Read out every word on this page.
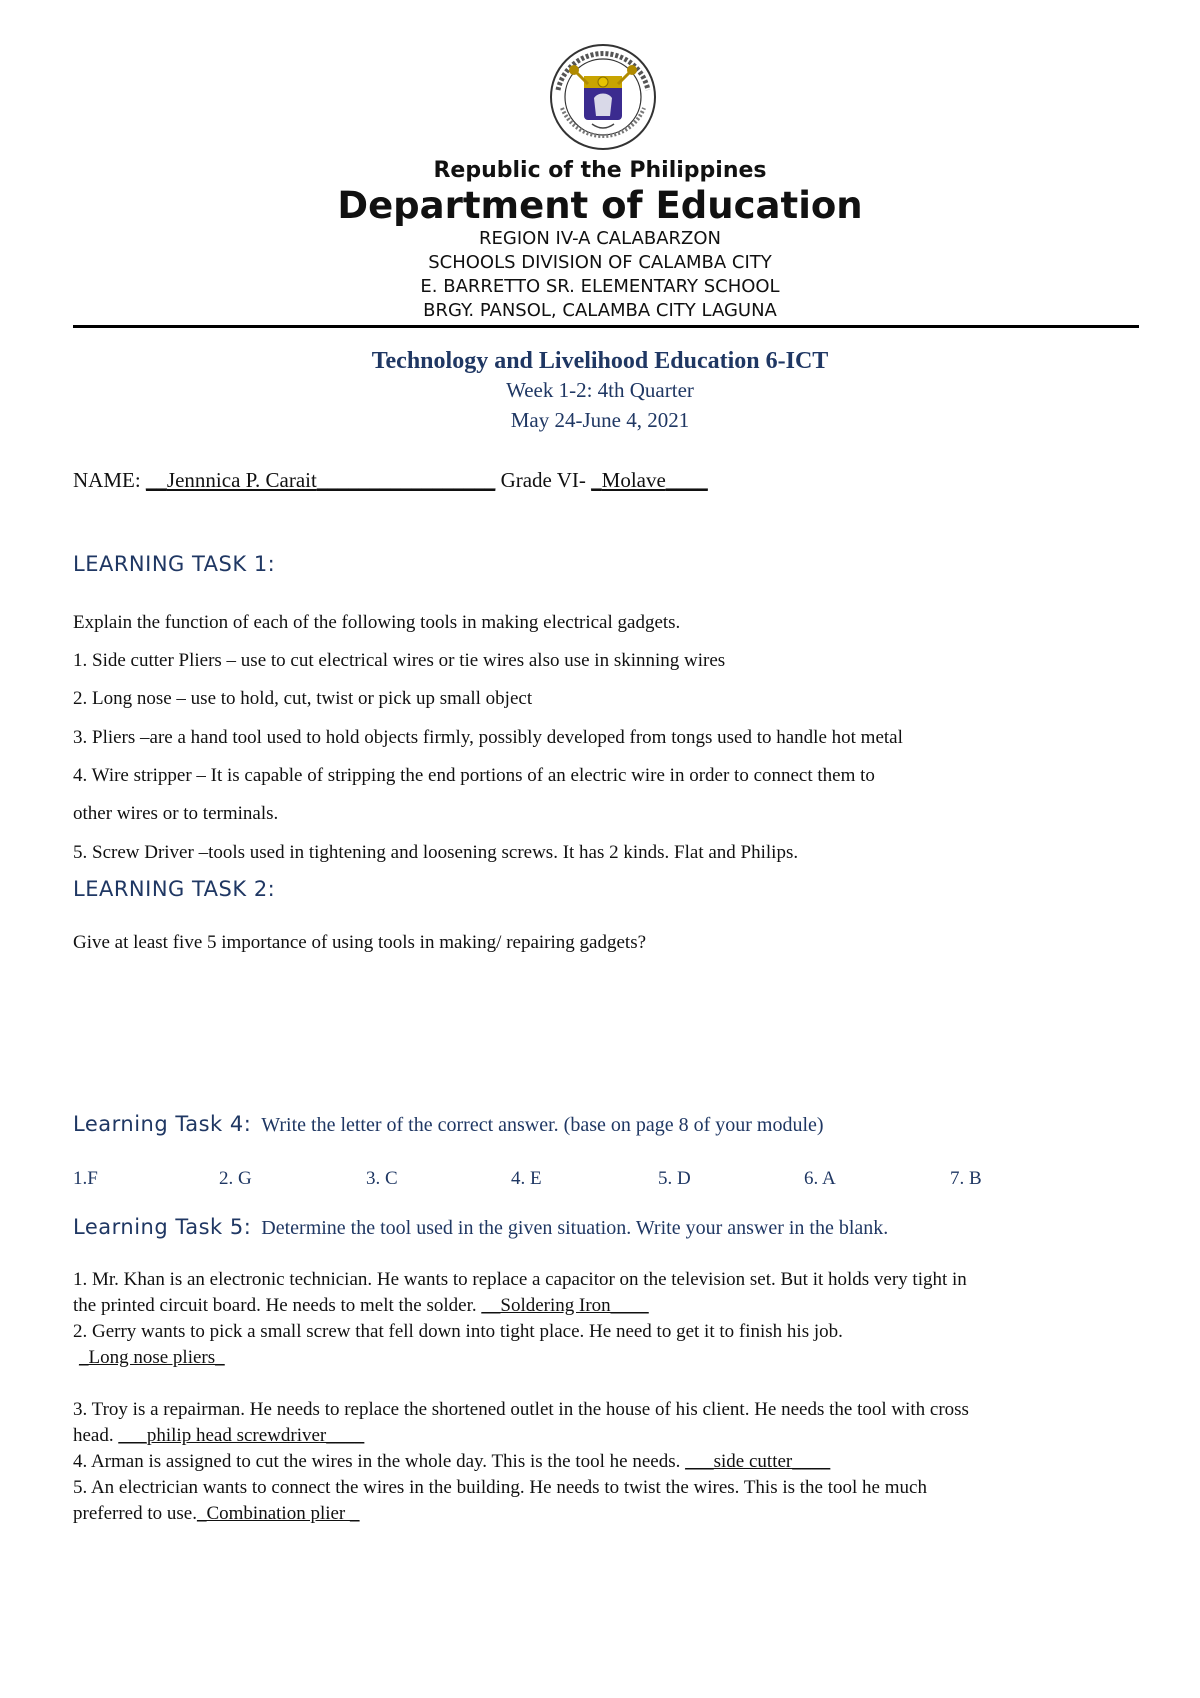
Republic of the Philippines
Department of Education
REGION IV-A CALABARZON
SCHOOLS DIVISION OF CALAMBA CITY
E. BARRETTO SR. ELEMENTARY SCHOOL
BRGY. PANSOL, CALAMBA CITY LAGUNA
Technology and Livelihood Education 6-ICT
Week 1-2: 4th Quarter
May 24-June 4, 2021
NAME: __Jennnica P. Carait_________________ Grade VI- _Molave____
LEARNING TASK 1:
Explain the function of each of the following tools in making electrical gadgets.
1. Side cutter Pliers – use to cut electrical wires or tie wires also use in skinning wires
2. Long nose – use to hold, cut, twist or pick up small object
3. Pliers –are a hand tool used to hold objects firmly, possibly developed from tongs used to handle hot metal
4. Wire stripper – It is capable of stripping the end portions of an electric wire in order to connect them to
other wires or to terminals.
5. Screw Driver –tools used in tightening and loosening screws. It has 2 kinds. Flat and Philips.
LEARNING TASK 2:
Give at least five 5 importance of using tools in making/ repairing gadgets?
Learning Task 4: Write the letter of the correct answer. (base on page 8 of your module)
1.F	2. G	3. C	4. E	5. D	6. A	7. B
Learning Task 5: Determine the tool used in the given situation. Write your answer in the blank.
1. Mr. Khan is an electronic technician. He wants to replace a capacitor on the television set. But it holds very tight in
the printed circuit board. He needs to melt the solder. __Soldering Iron____
2. Gerry wants to pick a small screw that fell down into tight place. He need to get it to finish his job.
_Long nose pliers_
3. Troy is a repairman. He needs to replace the shortened outlet in the house of his client. He needs the tool with cross
head. ___philip head screwdriver____
4. Arman is assigned to cut the wires in the whole day. This is the tool he needs. ___side cutter____
5. An electrician wants to connect the wires in the building. He needs to twist the wires. This is the tool he much
preferred to use._Combination plier _
